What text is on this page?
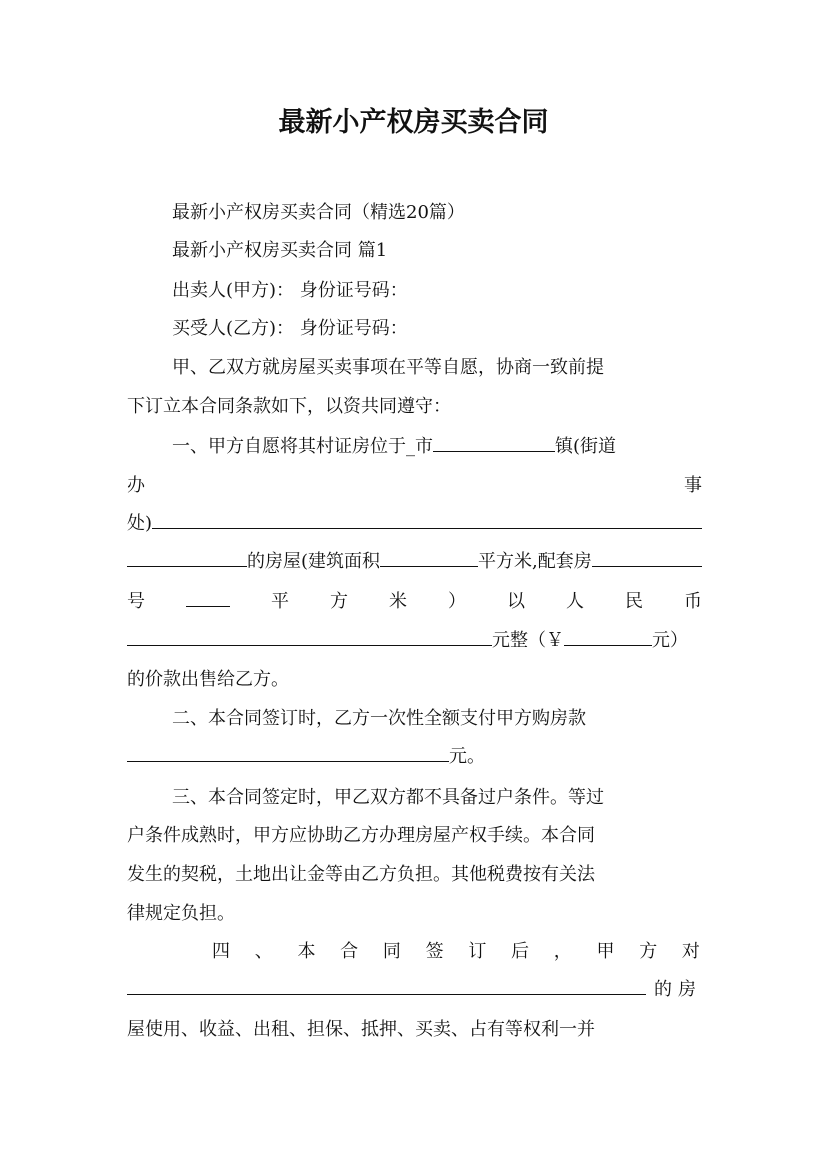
最新小产权房买卖合同
最新小产权房买卖合同（精选20篇）
最新小产权房买卖合同 篇1
出卖人(甲方)： 身份证号码：
买受人(乙方)： 身份证号码：
甲、乙双方就房屋买卖事项在平等自愿，协商一致前提
下订立本合同条款如下，以资共同遵守：
一、甲方自愿将其村证房位于_市	镇(街道
办	事
处)
的房屋(建筑面积	平方米,配套房
号	平 方 米 ） 以 人 民 币
元整（￥	元）
的价款出售给乙方。
二、本合同签订时，乙方一次性全额支付甲方购房款
元。
三、本合同签定时，甲乙双方都不具备过户条件。等过
户条件成熟时，甲方应协助乙方办理房屋产权手续。本合同
发生的契税，土地出让金等由乙方负担。其他税费按有关法
律规定负担。
四 、 本 合 同 签 订 后 ， 甲 方 对
的房
屋使用、收益、出租、担保、抵押、买卖、占有等权利一并
